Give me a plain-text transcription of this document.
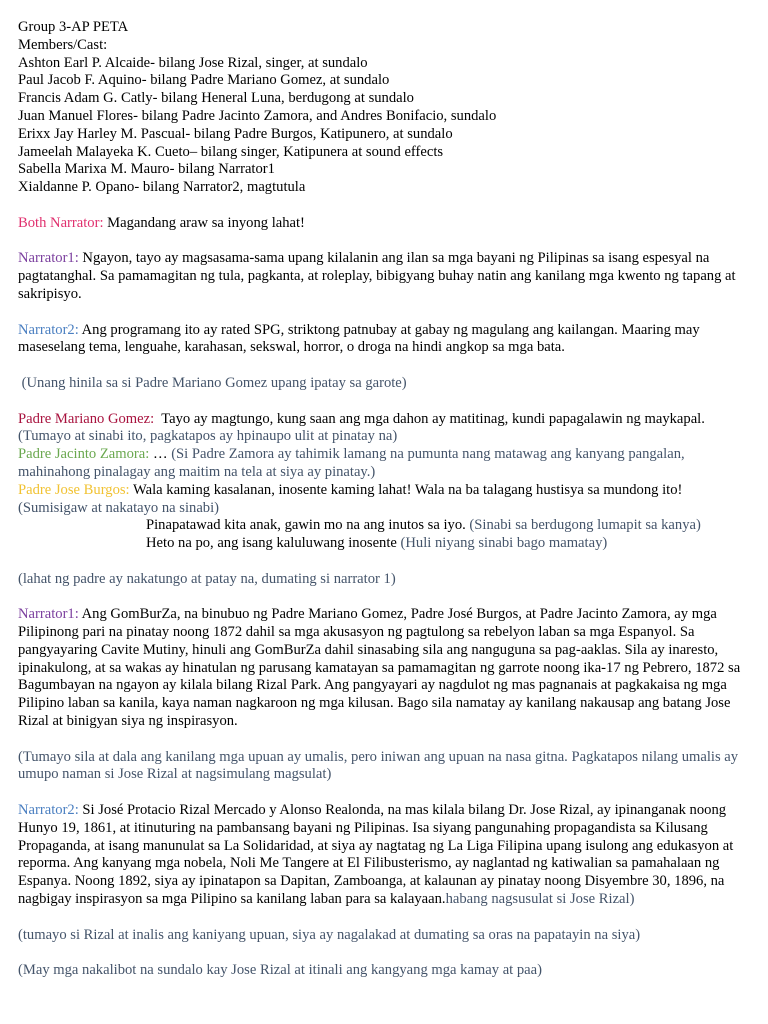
Group 3-AP PETA

Members/Cast:

Ashton Earl P. Alcaide- bilang Jose Rizal, singer, at sundalo

Paul Jacob F. Aquino- bilang Padre Mariano Gomez, at sundalo

Francis Adam G. Catly- bilang Heneral Luna, berdugong at sundalo

Juan Manuel Flores- bilang Padre Jacinto Zamora, and Andres Bonifacio, sundalo

Erixx Jay Harley M. Pascual- bilang Padre Burgos, Katipunero, at sundalo

Jameelah Malayeka K. Cueto– bilang singer, Katipunera at sound effects

Sabella Marixa M. Mauro- bilang Narrator1

Xialdanne P. Opano- bilang Narrator2, magtutula

Both Narrator: Magandang araw sa inyong lahat!

Narrator1: Ngayon, tayo ay magsasama-sama upang kilalanin ang ilan sa mga bayani ng Pilipinas sa isang espesyal na pagtatanghal. Sa pamamagitan ng tula, pagkanta, at roleplay, bibigyang buhay natin ang kanilang mga kwento ng tapang at sakripisyo.

Narrator2: Ang programang ito ay rated SPG, striktong patnubay at gabay ng magulang ang kailangan. Maaring may maseselang tema, lenguahe, karahasan, sekswal, horror, o droga na hindi angkop sa mga bata.

(Unang hinila sa si Padre Mariano Gomez upang ipatay sa garote)

Padre Mariano Gomez:  Tayo ay magtungo, kung saan ang mga dahon ay matitinag, kundi papagalawin ng maykapal.

(Tumayo at sinabi ito, pagkatapos ay hpinaupo ulit at pinatay na)

Padre Jacinto Zamora: … (Si Padre Zamora ay tahimik lamang na pumunta nang matawag ang kanyang pangalan, mahinahong pinalagay ang maitim na tela at siya ay pinatay.)

Padre Jose Burgos: Wala kaming kasalanan, inosente kaming lahat! Wala na ba talagang hustisya sa mundong ito!

(Sumisigaw at nakatayo na sinabi)

Pinapatawad kita anak, gawin mo na ang inutos sa iyo. (Sinabi sa berdugong lumapit sa kanya)

Heto na po, ang isang kaluluwang inosente (Huli niyang sinabi bago mamatay)

(lahat ng padre ay nakatungo at patay na, dumating si narrator 1)

Narrator1: Ang GomBurZa, na binubuo ng Padre Mariano Gomez, Padre José Burgos, at Padre Jacinto Zamora, ay mga Pilipinong pari na pinatay noong 1872 dahil sa mga akusasyon ng pagtulong sa rebelyon laban sa mga Espanyol. Sa pangyayaring Cavite Mutiny, hinuli ang GomBurZa dahil sinasabing sila ang nanguguna sa pag-aaklas. Sila ay inaresto, ipinakulong, at sa wakas ay hinatulan ng parusang kamatayan sa pamamagitan ng garrote noong ika-17 ng Pebrero, 1872 sa Bagumbayan na ngayon ay kilala bilang Rizal Park. Ang pangyayari ay nagdulot ng mas pagnanais at pagkakaisa ng mga Pilipino laban sa kanila, kaya naman nagkaroon ng mga kilusan. Bago sila namatay ay kanilang nakausap ang batang Jose Rizal at binigyan siya ng inspirasyon.

(Tumayo sila at dala ang kanilang mga upuan ay umalis, pero iniwan ang upuan na nasa gitna. Pagkatapos nilang umalis ay umupo naman si Jose Rizal at nagsimulang magsulat)

Narrator2: Si José Protacio Rizal Mercado y Alonso Realonda, na mas kilala bilang Dr. Jose Rizal, ay ipinanganak noong Hunyo 19, 1861, at itinuturing na pambansang bayani ng Pilipinas. Isa siyang pangunahing propagandista sa Kilusang Propaganda, at isang manunulat sa La Solidaridad, at siya ay nagtatag ng La Liga Filipina upang isulong ang edukasyon at reporma. Ang kanyang mga nobela, Noli Me Tangere at El Filibusterismo, ay naglantad ng katiwalian sa pamahalaan ng Espanya. Noong 1892, siya ay ipinatapon sa Dapitan, Zamboanga, at kalaunan ay pinatay noong Disyembre 30, 1896, na nagbigay inspirasyon sa mga Pilipino sa kanilang laban para sa kalayaan.habang nagsusulat si Jose Rizal)

(tumayo si Rizal at inalis ang kaniyang upuan, siya ay nagalakad at dumating sa oras na papatayin na siya)

(May mga nakalibot na sundalo kay Jose Rizal at itinali ang kangyang mga kamay at paa)
